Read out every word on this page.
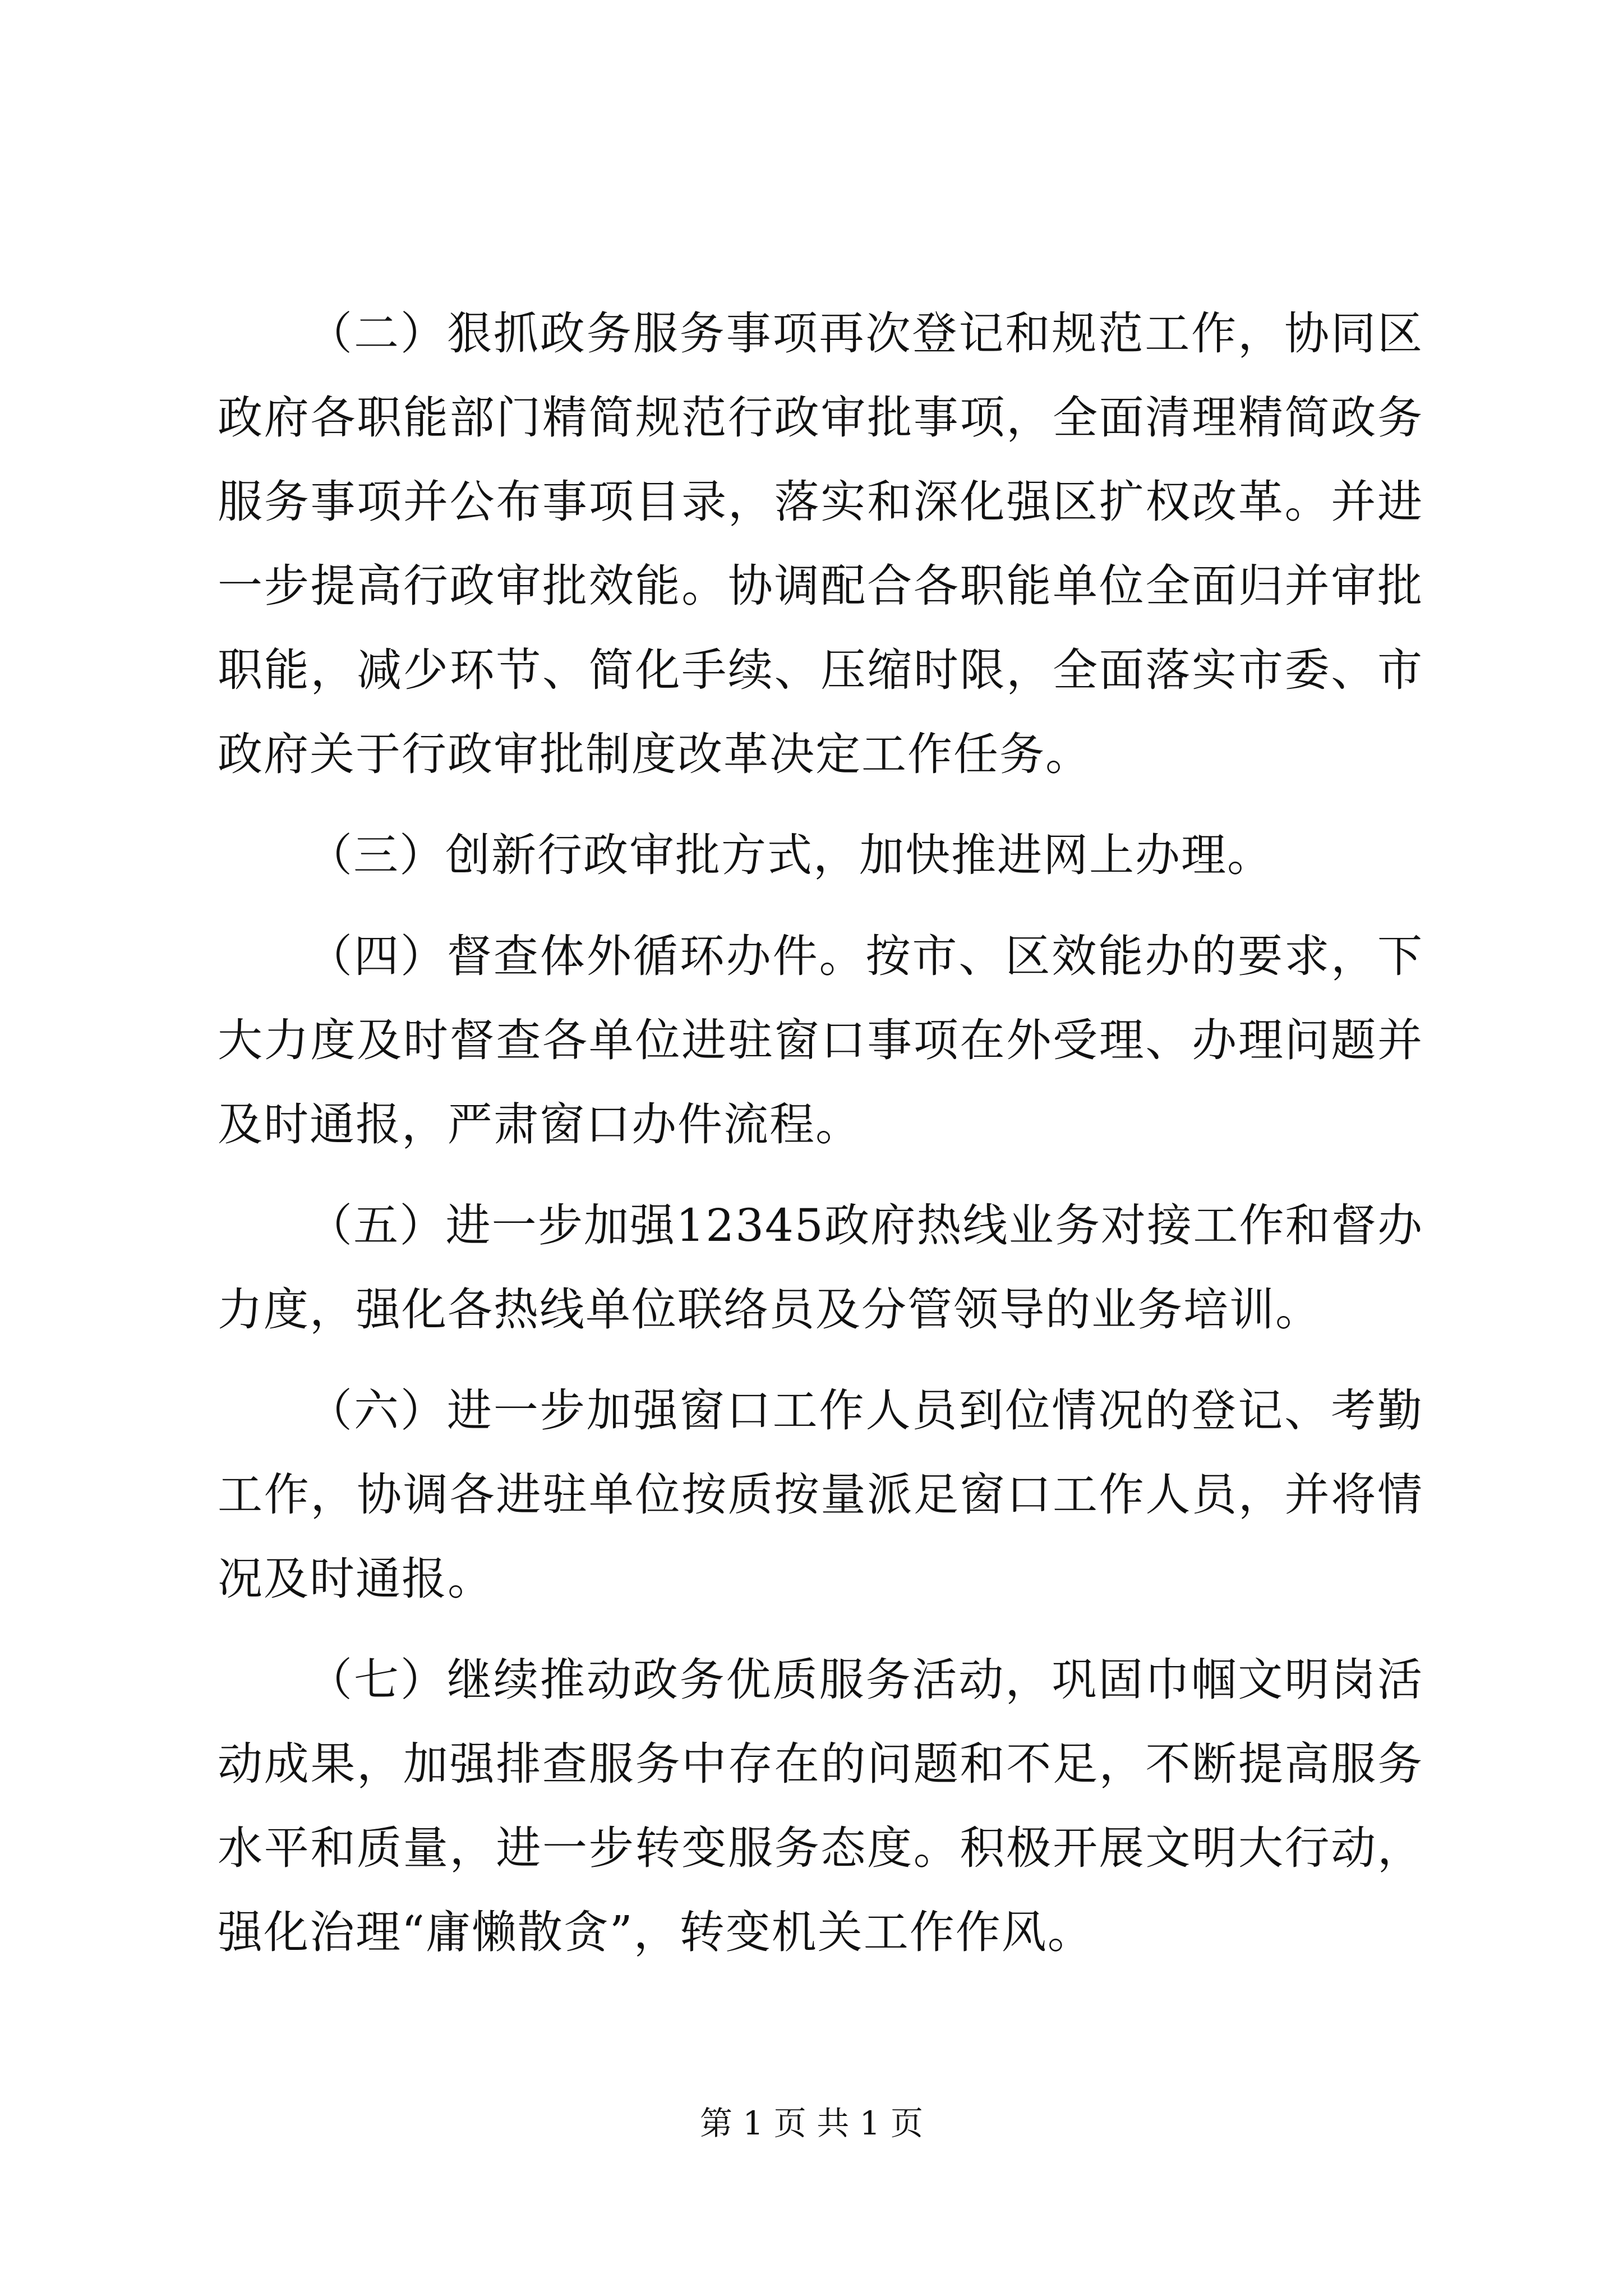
（二）狠抓政务服务事项再次登记和规范工作，协同区政府各职能部门精简规范行政审批事项，全面清理精简政务服务事项并公布事项目录，落实和深化强区扩权改革。并进一步提高行政审批效能。协调配合各职能单位全面归并审批职能，减少环节、简化手续、压缩时限，全面落实市委、市政府关于行政审批制度改革决定工作任务。

（三）创新行政审批方式，加快推进网上办理。

（四）督查体外循环办件。按市、区效能办的要求，下大力度及时督查各单位进驻窗口事项在外受理、办理问题并及时通报，严肃窗口办件流程。

（五）进一步加强12345政府热线业务对接工作和督办力度，强化各热线单位联络员及分管领导的业务培训。

（六）进一步加强窗口工作人员到位情况的登记、考勤工作，协调各进驻单位按质按量派足窗口工作人员，并将情况及时通报。

（七）继续推动政务优质服务活动，巩固巾帼文明岗活动成果，加强排查服务中存在的问题和不足，不断提高服务水平和质量，进一步转变服务态度。积极开展文明大行动，强化治理“庸懒散贪”，转变机关工作作风。

第 1 页 共 1 页
